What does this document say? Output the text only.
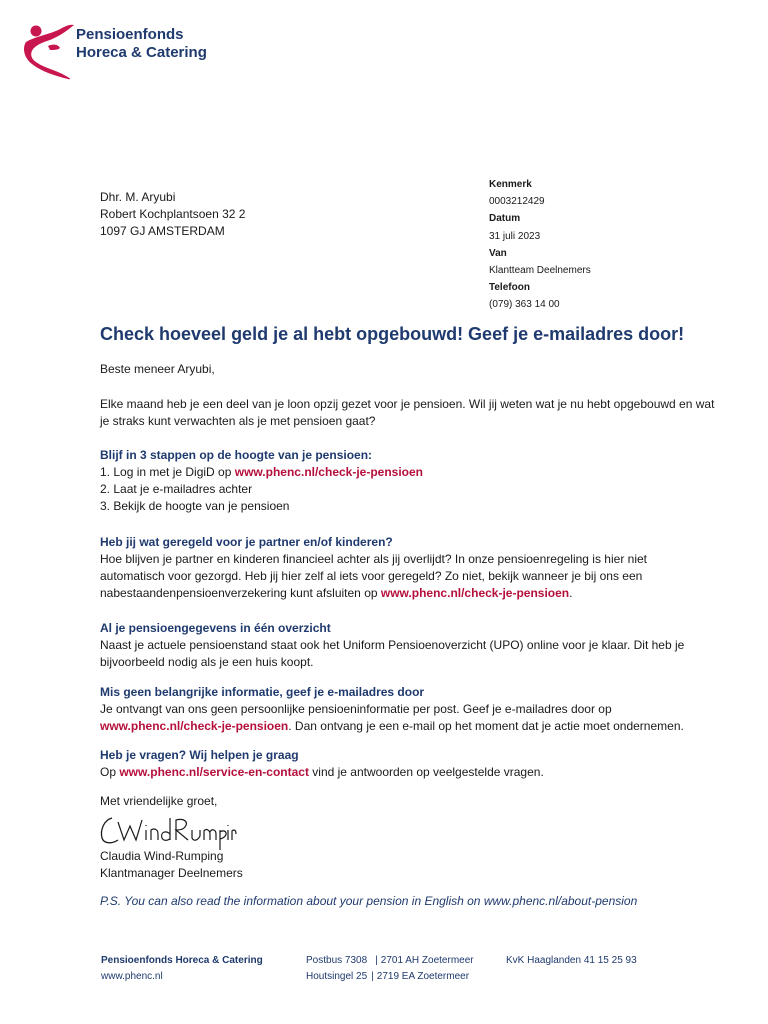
Pensioenfonds
Horeca & Catering
Dhr. M. Aryubi
Robert Kochplantsoen 32 2
1097 GJ AMSTERDAM
Kenmerk
0003212429
Datum
31 juli 2023
Van
Klantteam Deelnemers
Telefoon
(079) 363 14 00
Check hoeveel geld je al hebt opgebouwd! Geef je e-mailadres door!
Beste meneer Aryubi,
Elke maand heb je een deel van je loon opzij gezet voor je pensioen. Wil jij weten wat je nu hebt opgebouwd en wat
je straks kunt verwachten als je met pensioen gaat?
Blijf in 3 stappen op de hoogte van je pensioen:
1. Log in met je DigiD op www.phenc.nl/check-je-pensioen
2. Laat je e-mailadres achter
3. Bekijk de hoogte van je pensioen
Heb jij wat geregeld voor je partner en/of kinderen?
Hoe blijven je partner en kinderen financieel achter als jij overlijdt? In onze pensioenregeling is hier niet
automatisch voor gezorgd. Heb jij hier zelf al iets voor geregeld? Zo niet, bekijk wanneer je bij ons een
nabestaandenpensioenverzekering kunt afsluiten op www.phenc.nl/check-je-pensioen.
Al je pensioengegevens in één overzicht
Naast je actuele pensioenstand staat ook het Uniform Pensioenoverzicht (UPO) online voor je klaar. Dit heb je
bijvoorbeeld nodig als je een huis koopt.
Mis geen belangrijke informatie, geef je e-mailadres door
Je ontvangt van ons geen persoonlijke pensioeninformatie per post. Geef je e-mailadres door op
www.phenc.nl/check-je-pensioen. Dan ontvang je een e-mail op het moment dat je actie moet ondernemen.
Heb je vragen? Wij helpen je graag
Op www.phenc.nl/service-en-contact vind je antwoorden op veelgestelde vragen.
Met vriendelijke groet,
Claudia Wind-Rumping
Klantmanager Deelnemers
P.S. You can also read the information about your pension in English on www.phenc.nl/about-pension
Pensioenfonds Horeca & Catering
www.phenc.nl
Postbus 7308 | 2701 AH Zoetermeer
Houtsingel 25 | 2719 EA Zoetermeer
KvK Haaglanden 41 15 25 93
